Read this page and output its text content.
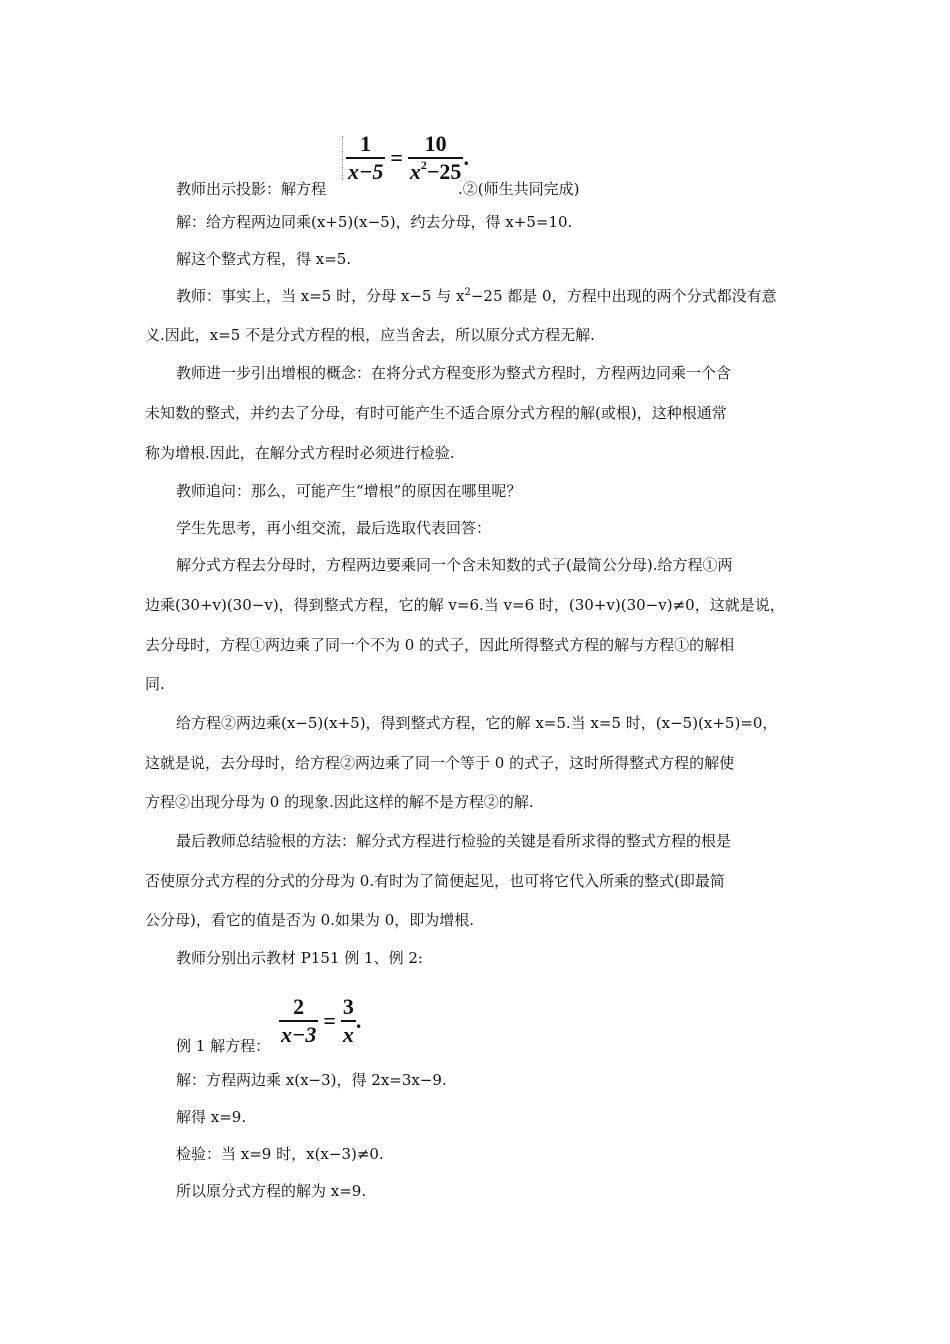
$\frac{1}{x-5} = \frac{10}{x^2-25}$ .
教师出示投影：解方程	.②(师生共同完成)
解：给方程两边同乘(x+5)(x−5)，约去分母，得 x+5=10.
解这个整式方程，得 x=5.
教师：事实上，当 x=5 时，分母 x−5 与 $x^2-25$ 都是 0，方程中出现的两个分式都没有意
义.因此，x=5 不是分式方程的根，应当舍去，所以原分式方程无解.
教师进一步引出增根的概念：在将分式方程变形为整式方程时，方程两边同乘一个含
未知数的整式，并约去了分母，有时可能产生不适合原分式方程的解(或根)，这种根通常
称为增根.因此，在解分式方程时必须进行检验.
教师追问：那么，可能产生“增根”的原因在哪里呢？
学生先思考，再小组交流，最后选取代表回答：
解分式方程去分母时，方程两边要乘同一个含未知数的式子(最简公分母).给方程①两
边乘(30+v)(30−v)，得到整式方程，它的解 v=6.当 v=6 时，(30+v)(30−v)≠0，这就是说，
去分母时，方程①两边乘了同一个不为 0 的式子，因此所得整式方程的解与方程①的解相
同.
给方程②两边乘(x−5)(x+5)，得到整式方程，它的解 x=5.当 x=5 时，(x−5)(x+5)=0，
这就是说，去分母时，给方程②两边乘了同一个等于 0 的式子，这时所得整式方程的解使
方程②出现分母为 0 的现象.因此这样的解不是方程②的解.
最后教师总结验根的方法：解分式方程进行检验的关键是看所求得的整式方程的根是
否使原分式方程的分式的分母为 0.有时为了简便起见，也可将它代入所乘的整式(即最简
公分母)，看它的值是否为 0.如果为 0，即为增根.
教师分别出示教材 P151 例 1、例 2:
$\frac{2}{x-3} = \frac{3}{x}$ .
例 1 解方程：
解：方程两边乘 x(x−3)，得 2x=3x−9.
解得 x=9.
检验：当 x=9 时，x(x−3)≠0.
所以原分式方程的解为 x=9.
